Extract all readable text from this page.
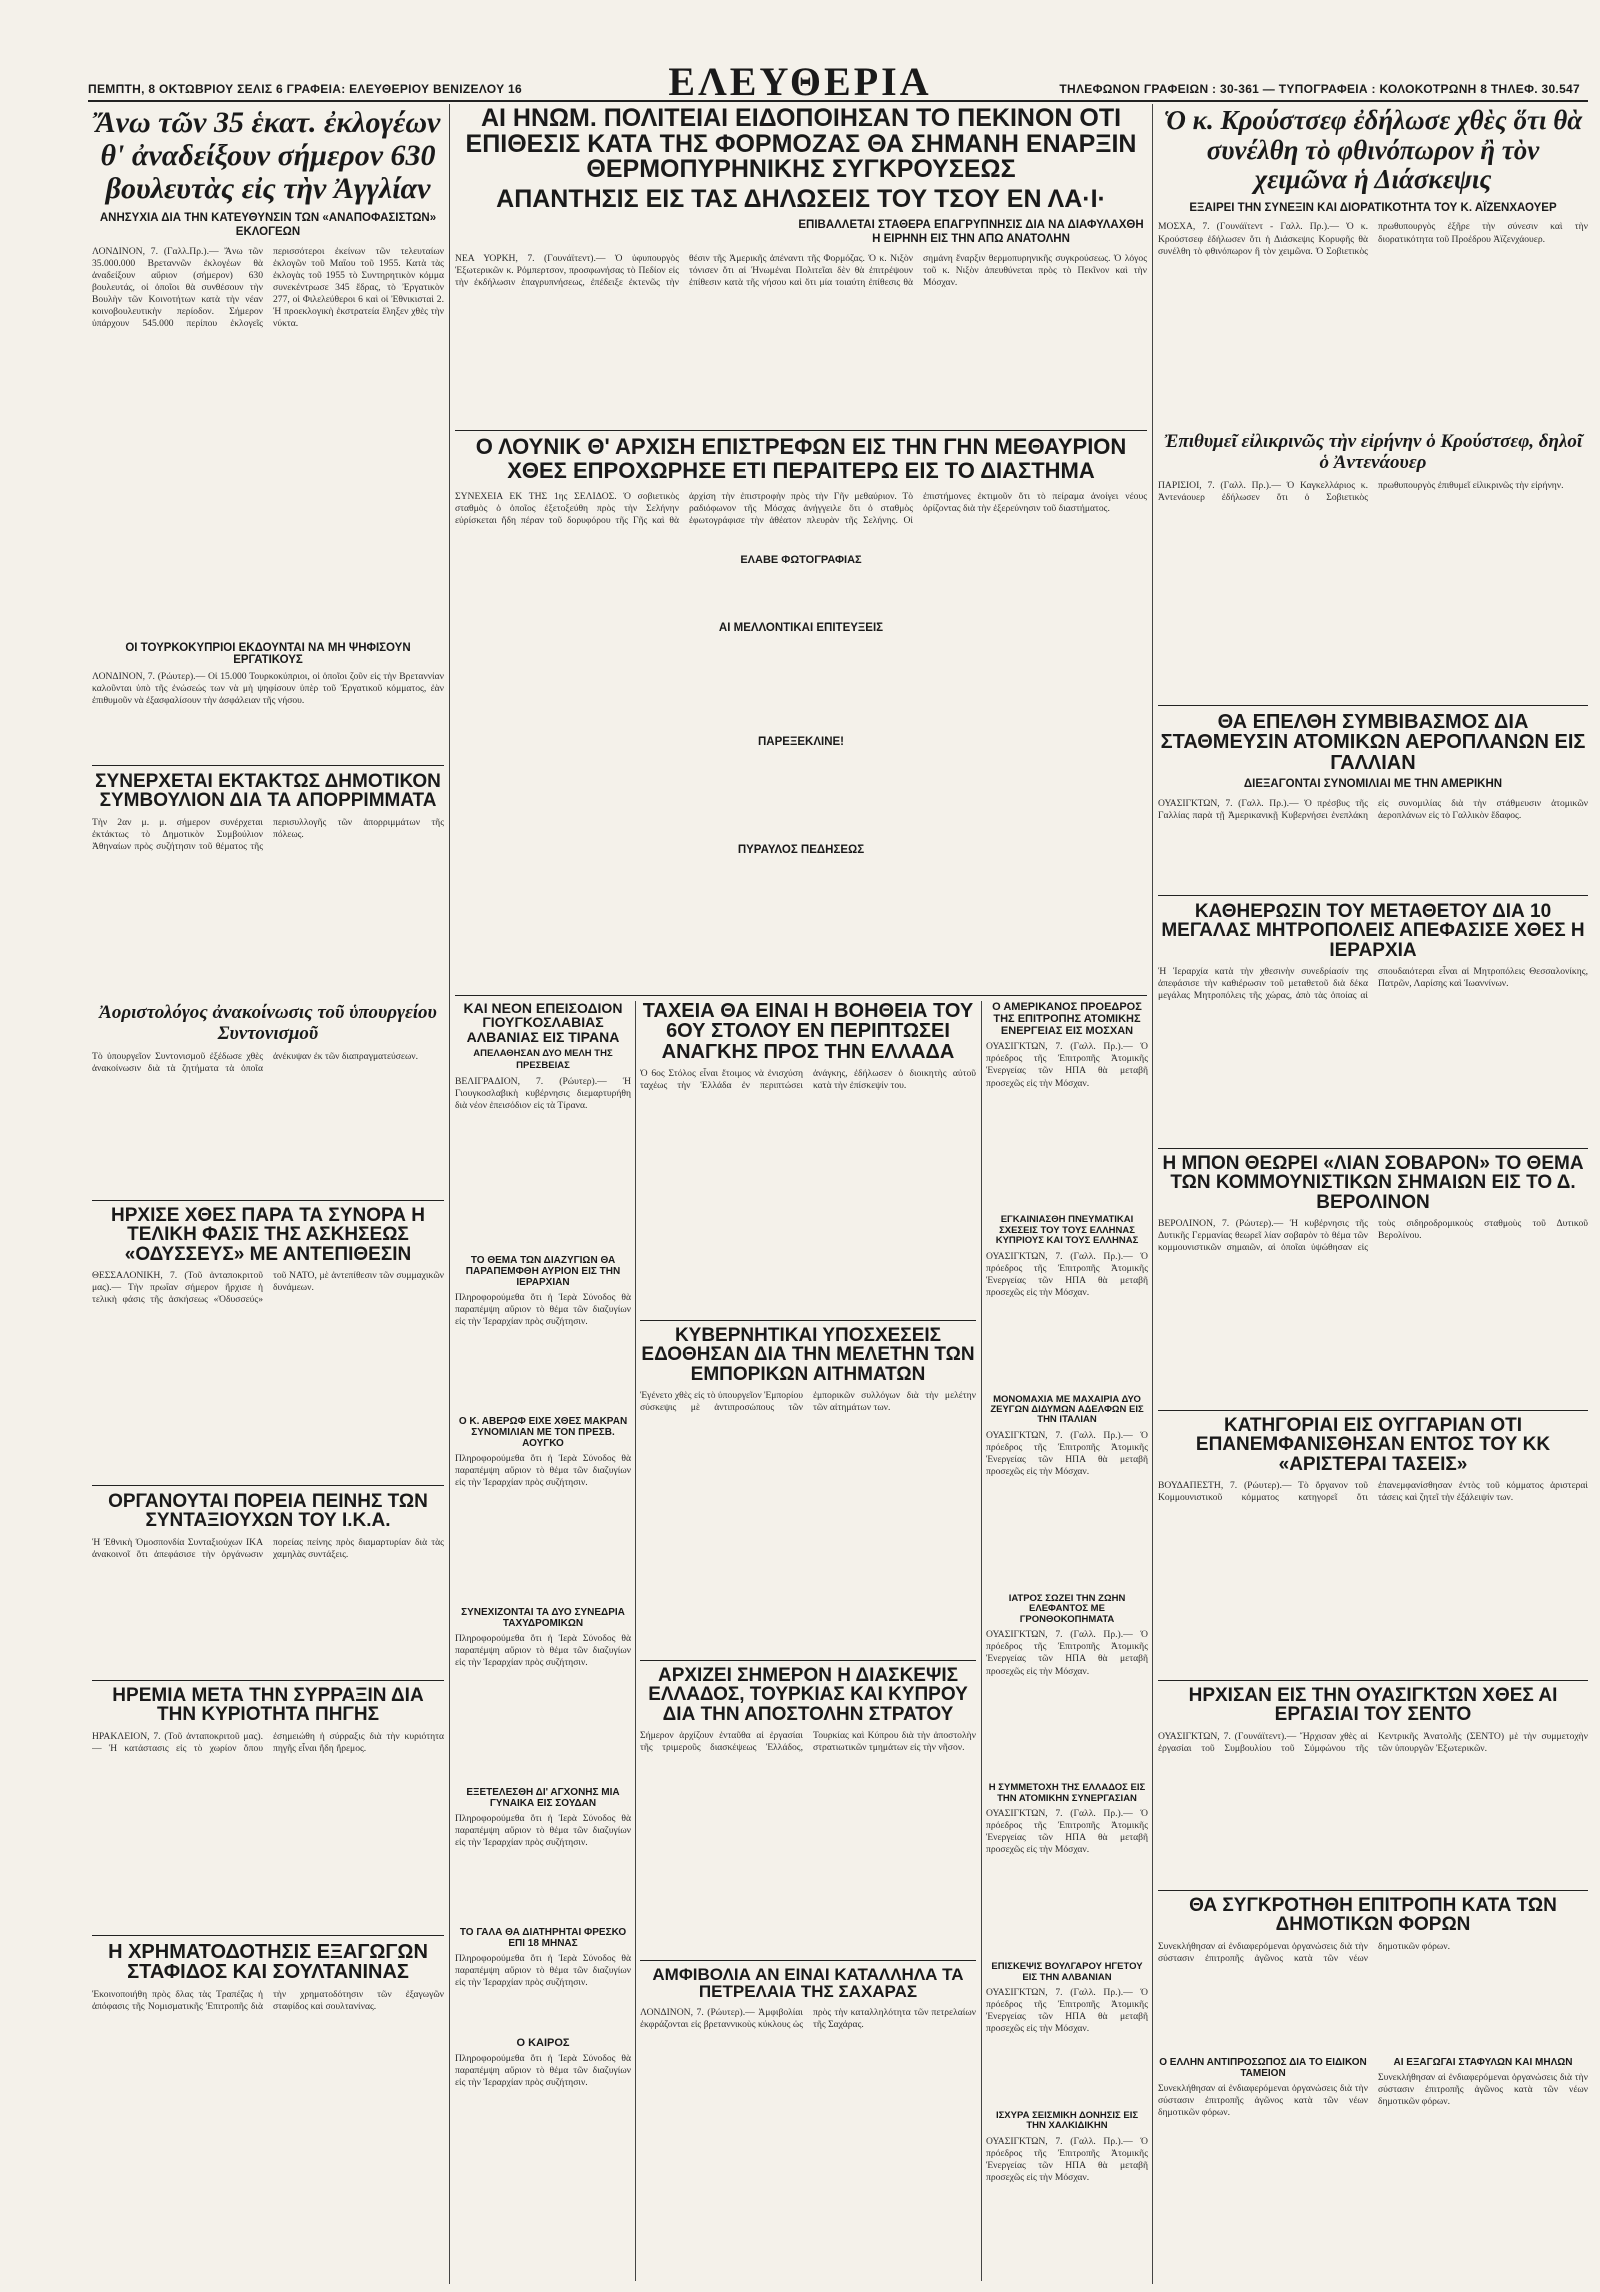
ΠΕΜΠΤΗ, 8 ΟΚΤΩΒΡΙΟΥ ΣΕΛΙΣ 6 ΓΡΑΦΕΙΑ: ΕΛΕΥΘΕΡΙΟΥ ΒΕΝΙΖΕΛΟΥ 16	ΕΛΕΥΘΕΡΙΑ	ΤΗΛΕΦΩΝΟΝ ΓΡΑΦΕΙΩΝ : 30-361 — ΤΥΠΟΓΡΑΦΕΙΑ : ΚΟΛΟΚΟΤΡΩΝΗ 8 ΤΗΛΕΦ. 30.547
Ἄνω τῶν 35 ἑκατ. ἐκλογέων θ' ἀναδείξουν σήμερον 630 βουλευτὰς εἰς τὴν Ἀγγλίαν
ΑΝΗΣΥΧΙΑ ΔΙΑ ΤΗΝ ΚΑΤΕΥΘΥΝΣΙΝ ΤΩΝ «ΑΝΑΠΟΦΑΣΙΣΤΩΝ» ΕΚΛΟΓΕΩΝ
ΛΟΝΔΙΝΟΝ, 7. (Γαλλ.Πρ.).— Ἄνω τῶν 35.000.000 Βρεταννῶν ἐκλογέων θὰ ἀναδείξουν αὔριον (σήμερον) 630 βουλευτάς, οἱ ὁποῖοι θὰ συνθέσουν τὴν Βουλὴν τῶν Κοινοτήτων κατὰ τὴν νέαν κοινοβουλευτικὴν περίοδον. Σήμερον ὑπάρχουν 545.000 περίπου ἐκλογεῖς περισσότεροι ἐκείνων τῶν τελευταίων ἐκλογῶν τοῦ Μαΐου τοῦ 1955. Κατὰ τὰς ἐκλογὰς τοῦ 1955 τὸ Συντηρητικὸν κόμμα συνεκέντρωσε 345 ἕδρας, τὸ Ἐργατικὸν 277, οἱ Φιλελεύθεροι 6 καὶ οἱ Ἐθνικισταὶ 2. Ἡ προεκλογικὴ ἐκστρατεία ἔληξεν χθὲς τὴν νύκτα.
ΟΙ ΤΟΥΡΚΟΚΥΠΡΙΟΙ ΕΚΔΟΥΝΤΑΙ ΝΑ ΜΗ ΨΗΦΙΣΟΥΝ ΕΡΓΑΤΙΚΟΥΣ
ΛΟΝΔΙΝΟΝ, 7. (Ρώυτερ).— Οἱ 15.000 Τουρκοκύπριοι, οἱ ὁποῖοι ζοῦν εἰς τὴν Βρεταννίαν καλοῦνται ὑπὸ τῆς ἐνώσεώς των νὰ μὴ ψηφίσουν ὑπὲρ τοῦ Ἐργατικοῦ κόμματος, ἐὰν ἐπιθυμοῦν νὰ ἐξασφαλίσουν τὴν ἀσφάλειαν τῆς νήσου.
ΣΥΝΕΡΧΕΤΑΙ ΕΚΤΑΚΤΩΣ ΔΗΜΟΤΙΚΟΝ ΣΥΜΒΟΥΛΙΟΝ ΔΙΑ ΤΑ ΑΠΟΡΡΙΜΜΑΤΑ
Τὴν 2αν μ. μ. σήμερον συνέρχεται ἐκτάκτως τὸ Δημοτικὸν Συμβούλιον Ἀθηναίων πρὸς συζήτησιν τοῦ θέματος τῆς περισυλλογῆς τῶν ἀπορριμμάτων τῆς πόλεως.
Ἀοριστολόγος ἀνακοίνωσις τοῦ ὑπουργείου Συντονισμοῦ
Τὸ ὑπουργεῖον Συντονισμοῦ ἐξέδωσε χθὲς ἀνακοίνωσιν διὰ τὰ ζητήματα τὰ ὁποῖα ἀνέκυψαν ἐκ τῶν διαπραγματεύσεων.
ΗΡΧΙΣΕ ΧΘΕΣ ΠΑΡΑ ΤΑ ΣΥΝΟΡΑ Η ΤΕΛΙΚΗ ΦΑΣΙΣ ΤΗΣ ΑΣΚΗΣΕΩΣ «ΟΔΥΣΣΕΥΣ» ΜΕ ΑΝΤΕΠΙΘΕΣΙΝ
ΘΕΣΣΑΛΟΝΙΚΗ, 7. (Τοῦ ἀνταποκριτοῦ μας).— Τὴν πρωΐαν σήμερον ἤρχισε ἡ τελικὴ φάσις τῆς ἀσκήσεως «Ὀδυσσεύς» τοῦ ΝΑΤΟ, μὲ ἀντεπίθεσιν τῶν συμμαχικῶν δυνάμεων.
ΟΡΓΑΝΟΥΤΑΙ ΠΟΡΕΙΑ ΠΕΙΝΗΣ ΤΩΝ ΣΥΝΤΑΞΙΟΥΧΩΝ ΤΟΥ Ι.Κ.Α.
Ἡ Ἐθνικὴ Ὁμοσπονδία Συνταξιούχων ΙΚΑ ἀνακοινοῖ ὅτι ἀπεφάσισε τὴν ὀργάνωσιν πορείας πείνης πρὸς διαμαρτυρίαν διὰ τὰς χαμηλὰς συντάξεις.
ΗΡΕΜΙΑ ΜΕΤΑ ΤΗΝ ΣΥΡΡΑΞΙΝ ΔΙΑ ΤΗΝ ΚΥΡΙΟΤΗΤΑ ΠΗΓΗΣ
ΗΡΑΚΛΕΙΟΝ, 7. (Τοῦ ἀνταποκριτοῦ μας).— Ἡ κατάστασις εἰς τὸ χωρίον ὅπου ἐσημειώθη ἡ σύρραξις διὰ τὴν κυριότητα πηγῆς εἶναι ἤδη ἤρεμος.
Η ΧΡΗΜΑΤΟΔΟΤΗΣΙΣ ΕΞΑΓΩΓΩΝ ΣΤΑΦΙΔΟΣ ΚΑΙ ΣΟΥΛΤΑΝΙΝΑΣ
Ἐκοινοποιήθη πρὸς δλας τὰς Τραπέζας ἡ ἀπόφασις τῆς Νομισματικῆς Ἐπιτροπῆς διὰ τὴν χρηματοδότησιν τῶν ἐξαγωγῶν σταφίδος καὶ σουλτανίνας.
ΑΙ ΗΝΩΜ. ΠΟΛΙΤΕΙΑΙ ΕΙΔΟΠΟΙΗΣΑΝ ΤΟ ΠΕΚΙΝΟΝ ΟΤΙ ΕΠΙΘΕΣΙΣ ΚΑΤΑ ΤΗΣ ΦΟΡΜΟΖΑΣ ΘΑ ΣΗΜΑΝΗ ΕΝΑΡΞΙΝ ΘΕΡΜΟΠΥΡΗΝΙΚΗΣ ΣΥΓΚΡΟΥΣΕΩΣ
ΑΠΑΝΤΗΣΙΣ ΕΙΣ ΤΑΣ ΔΗΛΩΣΕΙΣ ΤΟΥ ΤΣΟΥ ΕΝ ΛΑ·Ι·
ΕΠΙΒΑΛΛΕΤΑΙ ΣΤΑΘΕΡΑ ΕΠΑΓΡΥΠΝΗΣΙΣ ΔΙΑ ΝΑ ΔΙΑΦΥΛΑΧΘΗ Η ΕΙΡΗΝΗ ΕΙΣ ΤΗΝ ΑΠΩ ΑΝΑΤΟΛΗΝ
ΝΕΑ ΥΟΡΚΗ, 7. (Γουνάϊτεντ).— Ὁ ὑφυπουργὸς Ἐξωτερικῶν κ. Ρόμπερτσον, προσφωνήσας τὸ Πεδίον εἰς τὴν ἐκδήλωσιν ἐπαγρυπνήσεως, ἐπέδειξε ἐκτενῶς τὴν θέσιν τῆς Ἀμερικῆς ἀπέναντι τῆς Φορμόζας. Ὁ κ. Νιξὸν τόνισεν ὅτι αἱ Ἡνωμέναι Πολιτεῖαι δὲν θὰ ἐπιτρέψουν ἐπίθεσιν κατὰ τῆς νήσου καὶ ὅτι μία τοιαύτη ἐπίθεσις θὰ σημάνη ἔναρξιν θερμοπυρηνικῆς συγκρούσεως. Ὁ λόγος τοῦ κ. Νιξὸν ἀπευθύνεται πρὸς τὸ Πεκῖνον καὶ τὴν Μόσχαν.
Ο ΛΟΥΝΙΚ Θ' ΑΡΧΙΣΗ ΕΠΙΣΤΡΕΦΩΝ ΕΙΣ ΤΗΝ ΓΗΝ ΜΕΘΑΥΡΙΟΝ
ΧΘΕΣ ΕΠΡΟΧΩΡΗΣΕ ΕΤΙ ΠΕΡΑΙΤΕΡΩ ΕΙΣ ΤΟ ΔΙΑΣΤΗΜΑ
ΣΥΝΕΧΕΙΑ ΕΚ ΤΗΣ 1ης ΣΕΛΙΔΟΣ. Ὁ σοβιετικὸς σταθμὸς ὁ ὁποῖος ἐξετοξεύθη πρὸς τὴν Σελήνην εὑρίσκεται ἤδη πέραν τοῦ δορυφόρου τῆς Γῆς καὶ θὰ ἀρχίση τὴν ἐπιστροφὴν πρὸς τὴν Γῆν μεθαύριον. Τὸ ραδιόφωνον τῆς Μόσχας ἀνήγγειλε ὅτι ὁ σταθμὸς ἐφωτογράφισε τὴν ἀθέατον πλευρὰν τῆς Σελήνης. Οἱ ἐπιστήμονες ἐκτιμοῦν ὅτι τὸ πείραμα ἀνοίγει νέους ὁρίζοντας διὰ τὴν ἐξερεύνησιν τοῦ διαστήματος.
ΕΛΑΒΕ ΦΩΤΟΓΡΑΦΙΑΣ
ΑΙ ΜΕΛΛΟΝΤΙΚΑΙ ΕΠΙΤΕΥΞΕΙΣ
ΠΑΡΕΞΕΚΛΙΝΕ!
ΠΥΡΑΥΛΟΣ ΠΕΔΗΣΕΩΣ
ΚΑΙ ΝΕΟΝ ΕΠΕΙΣΟΔΙΟΝ ΓΙΟΥΓΚΟΣΛΑΒΙΑΣ ΑΛΒΑΝΙΑΣ ΕΙΣ ΤΙΡΑΝΑ
ΑΠΕΛΑΘΗΣΑΝ ΔΥΟ ΜΕΛΗ ΤΗΣ ΠΡΕΣΒΕΙΑΣ
ΒΕΛΙΓΡΑΔΙΟΝ, 7. (Ρώυτερ).— Ἡ Γιουγκοσλαβικὴ κυβέρνησις διεμαρτυρήθη διὰ νέον ἐπεισόδιον εἰς τὰ Τίρανα.
ΤΟ ΘΕΜΑ ΤΩΝ ΔΙΑΖΥΓΙΩΝ ΘΑ ΠΑΡΑΠΕΜΦΘΗ ΑΥΡΙΟΝ ΕΙΣ ΤΗΝ ΙΕΡΑΡΧΙΑΝ
Πληροφορούμεθα ὅτι ἡ Ἱερὰ Σύνοδος θὰ παραπέμψη αὔριον τὸ θέμα τῶν διαζυγίων εἰς τὴν Ἱεραρχίαν πρὸς συζήτησιν.
Ο Κ. ΑΒΕΡΩΦ ΕΙΧΕ ΧΘΕΣ ΜΑΚΡΑΝ ΣΥΝΟΜΙΛΙΑΝ ΜΕ ΤΟΝ ΠΡΕΣΒ. ΑΟΥΓΚΟ
Πληροφορούμεθα ὅτι ἡ Ἱερὰ Σύνοδος θὰ παραπέμψη αὔριον τὸ θέμα τῶν διαζυγίων εἰς τὴν Ἱεραρχίαν πρὸς συζήτησιν.
ΣΥΝΕΧΙΖΟΝΤΑΙ ΤΑ ΔΥΟ ΣΥΝΕΔΡΙΑ ΤΑΧΥΔΡΟΜΙΚΩΝ
Πληροφορούμεθα ὅτι ἡ Ἱερὰ Σύνοδος θὰ παραπέμψη αὔριον τὸ θέμα τῶν διαζυγίων εἰς τὴν Ἱεραρχίαν πρὸς συζήτησιν.
ΕΞΕΤΕΛΕΣΘΗ ΔΙ' ΑΓΧΟΝΗΣ ΜΙΑ ΓΥΝΑΙΚΑ ΕΙΣ ΣΟΥΔΑΝ
Πληροφορούμεθα ὅτι ἡ Ἱερὰ Σύνοδος θὰ παραπέμψη αὔριον τὸ θέμα τῶν διαζυγίων εἰς τὴν Ἱεραρχίαν πρὸς συζήτησιν.
ΤΟ ΓΑΛΑ ΘΑ ΔΙΑΤΗΡΗΤΑΙ ΦΡΕΣΚΟ ΕΠΙ 18 ΜΗΝΑΣ
Πληροφορούμεθα ὅτι ἡ Ἱερὰ Σύνοδος θὰ παραπέμψη αὔριον τὸ θέμα τῶν διαζυγίων εἰς τὴν Ἱεραρχίαν πρὸς συζήτησιν.
Ο ΚΑΙΡΟΣ
Πληροφορούμεθα ὅτι ἡ Ἱερὰ Σύνοδος θὰ παραπέμψη αὔριον τὸ θέμα τῶν διαζυγίων εἰς τὴν Ἱεραρχίαν πρὸς συζήτησιν.
ΤΑΧΕΙΑ ΘΑ ΕΙΝΑΙ Η ΒΟΗΘΕΙΑ ΤΟΥ 6ΟΥ ΣΤΟΛΟΥ ΕΝ ΠΕΡΙΠΤΩΣΕΙ ΑΝΑΓΚΗΣ ΠΡΟΣ ΤΗΝ ΕΛΛΑΔΑ
Ὁ 6ος Στόλος εἶναι ἕτοιμος νὰ ἐνισχύση ταχέως τὴν Ἑλλάδα ἐν περιπτώσει ἀνάγκης, ἐδήλωσεν ὁ διοικητὴς αὐτοῦ κατὰ τὴν ἐπίσκεψίν του.
ΚΥΒΕΡΝΗΤΙΚΑΙ ΥΠΟΣΧΕΣΕΙΣ ΕΔΟΘΗΣΑΝ ΔΙΑ ΤΗΝ ΜΕΛΕΤΗΝ ΤΩΝ ΕΜΠΟΡΙΚΩΝ ΑΙΤΗΜΑΤΩΝ
Ἐγένετο χθὲς εἰς τὸ ὑπουργεῖον Ἐμπορίου σύσκεψις μὲ ἀντιπροσώπους τῶν ἐμπορικῶν συλλόγων διὰ τὴν μελέτην τῶν αἰτημάτων των.
ΑΡΧΙΖΕΙ ΣΗΜΕΡΟΝ Η ΔΙΑΣΚΕΨΙΣ ΕΛΛΑΔΟΣ, ΤΟΥΡΚΙΑΣ ΚΑΙ ΚΥΠΡΟΥ ΔΙΑ ΤΗΝ ΑΠΟΣΤΟΛΗΝ ΣΤΡΑΤΟΥ
Σήμερον ἀρχίζουν ἐνταῦθα αἱ ἐργασίαι τῆς τριμεροῦς διασκέψεως Ἑλλάδος, Τουρκίας καὶ Κύπρου διὰ τὴν ἀποστολὴν στρατιωτικῶν τμημάτων εἰς τὴν νῆσον.
ΑΜΦΙΒΟΛΙΑ ΑΝ ΕΙΝΑΙ ΚΑΤΑΛΛΗΛΑ ΤΑ ΠΕΤΡΕΛΑΙΑ ΤΗΣ ΣΑΧΑΡΑΣ
ΛΟΝΔΙΝΟΝ, 7. (Ρώυτερ).— Ἀμφιβολίαι ἐκφράζονται εἰς βρεταννικοὺς κύκλους ὡς πρὸς τὴν καταλληλότητα τῶν πετρελαίων τῆς Σαχάρας.
Ο ΑΜΕΡΙΚΑΝΟΣ ΠΡΟΕΔΡΟΣ ΤΗΣ ΕΠΙΤΡΟΠΗΣ ΑΤΟΜΙΚΗΣ ΕΝΕΡΓΕΙΑΣ ΕΙΣ ΜΟΣΧΑΝ
ΟΥΑΣΙΓΚΤΩΝ, 7. (Γαλλ. Πρ.).— Ὁ πρόεδρος τῆς Ἐπιτροπῆς Ἀτομικῆς Ἐνεργείας τῶν ΗΠΑ θὰ μεταβῆ προσεχῶς εἰς τὴν Μόσχαν.
ΕΓΚΑΙΝΙΑΣΘΗ ΠΝΕΥΜΑΤΙΚΑΙ ΣΧΕΣΕΙΣ ΤΟΥ ΤΟΥΣ ΕΛΛΗΝΑΣ ΚΥΠΡΙΟΥΣ ΚΑΙ ΤΟΥΣ ΕΛΛΗΝΑΣ
ΟΥΑΣΙΓΚΤΩΝ, 7. (Γαλλ. Πρ.).— Ὁ πρόεδρος τῆς Ἐπιτροπῆς Ἀτομικῆς Ἐνεργείας τῶν ΗΠΑ θὰ μεταβῆ προσεχῶς εἰς τὴν Μόσχαν.
ΜΟΝΟΜΑΧΙΑ ΜΕ ΜΑΧΑΙΡΙΑ ΔΥΟ ΖΕΥΓΩΝ ΔΙΔΥΜΩΝ ΑΔΕΛΦΩΝ ΕΙΣ ΤΗΝ ΙΤΑΛΙΑΝ
ΟΥΑΣΙΓΚΤΩΝ, 7. (Γαλλ. Πρ.).— Ὁ πρόεδρος τῆς Ἐπιτροπῆς Ἀτομικῆς Ἐνεργείας τῶν ΗΠΑ θὰ μεταβῆ προσεχῶς εἰς τὴν Μόσχαν.
ΙΑΤΡΟΣ ΣΩΖΕΙ ΤΗΝ ΖΩΗΝ ΕΛΕΦΑΝΤΟΣ ΜΕ ΓΡΟΝΘΟΚΟΠΗΜΑΤΑ
ΟΥΑΣΙΓΚΤΩΝ, 7. (Γαλλ. Πρ.).— Ὁ πρόεδρος τῆς Ἐπιτροπῆς Ἀτομικῆς Ἐνεργείας τῶν ΗΠΑ θὰ μεταβῆ προσεχῶς εἰς τὴν Μόσχαν.
Η ΣΥΜΜΕΤΟΧΗ ΤΗΣ ΕΛΛΑΔΟΣ ΕΙΣ ΤΗΝ ΑΤΟΜΙΚΗΝ ΣΥΝΕΡΓΑΣΙΑΝ
ΟΥΑΣΙΓΚΤΩΝ, 7. (Γαλλ. Πρ.).— Ὁ πρόεδρος τῆς Ἐπιτροπῆς Ἀτομικῆς Ἐνεργείας τῶν ΗΠΑ θὰ μεταβῆ προσεχῶς εἰς τὴν Μόσχαν.
ΕΠΙΣΚΕΨΙΣ ΒΟΥΛΓΑΡΟΥ ΗΓΕΤΟΥ ΕΙΣ ΤΗΝ ΑΛΒΑΝΙΑΝ
ΟΥΑΣΙΓΚΤΩΝ, 7. (Γαλλ. Πρ.).— Ὁ πρόεδρος τῆς Ἐπιτροπῆς Ἀτομικῆς Ἐνεργείας τῶν ΗΠΑ θὰ μεταβῆ προσεχῶς εἰς τὴν Μόσχαν.
ΙΣΧΥΡΑ ΣΕΙΣΜΙΚΗ ΔΟΝΗΣΙΣ ΕΙΣ ΤΗΝ ΧΑΛΚΙΔΙΚΗΝ
ΟΥΑΣΙΓΚΤΩΝ, 7. (Γαλλ. Πρ.).— Ὁ πρόεδρος τῆς Ἐπιτροπῆς Ἀτομικῆς Ἐνεργείας τῶν ΗΠΑ θὰ μεταβῆ προσεχῶς εἰς τὴν Μόσχαν.
Ὁ κ. Κρούστσεφ ἐδήλωσε χθὲς ὅτι θὰ συνέλθη τὸ φθινόπωρον ἢ τὸν χειμῶνα ἡ Διάσκεψις
ΕΞΑΙΡΕΙ ΤΗΝ ΣΥΝΕΞΙΝ ΚΑΙ ΔΙΟΡΑΤΙΚΟΤΗΤΑ ΤΟΥ Κ. ΑΪΖΕΝΧΑΟΥΕΡ
ΜΟΣΧΑ, 7. (Γουνάϊτεντ - Γαλλ. Πρ.).— Ὁ κ. Κρούστσεφ ἐδήλωσεν ὅτι ἡ Διάσκεψις Κορυφῆς θὰ συνέλθη τὸ φθινόπωρον ἢ τὸν χειμῶνα. Ὁ Σοβιετικὸς πρωθυπουργὸς ἐξῆρε τὴν σύνεσιν καὶ τὴν διορατικότητα τοῦ Προέδρου Ἀϊζενχάουερ.
Ἐπιθυμεῖ εἰλικρινῶς τὴν εἰρήνην ὁ Κρούστσεφ, δηλοῖ ὁ Ἀντενάουερ
ΠΑΡΙΣΙΟΙ, 7. (Γαλλ. Πρ.).— Ὁ Καγκελλάριος κ. Ἀντενάουερ ἐδήλωσεν ὅτι ὁ Σοβιετικὸς πρωθυπουργὸς ἐπιθυμεῖ εἰλικρινῶς τὴν εἰρήνην.
ΘΑ ΕΠΕΛΘΗ ΣΥΜΒΙΒΑΣΜΟΣ ΔΙΑ ΣΤΑΘΜΕΥΣΙΝ ΑΤΟΜΙΚΩΝ ΑΕΡΟΠΛΑΝΩΝ ΕΙΣ ΓΑΛΛΙΑΝ
ΔΙΕΞΑΓΟΝΤΑΙ ΣΥΝΟΜΙΛΙΑΙ ΜΕ ΤΗΝ ΑΜΕΡΙΚΗΝ
ΟΥΑΣΙΓΚΤΩΝ, 7. (Γαλλ. Πρ.).— Ὁ πρέσβυς τῆς Γαλλίας παρὰ τῇ Ἀμερικανικῇ Κυβερνήσει ἐνεπλάκη εἰς συνομιλίας διὰ τὴν στάθμευσιν ἀτομικῶν ἀεροπλάνων εἰς τὸ Γαλλικὸν ἔδαφος.
ΚΑΘΗΕΡΩΣΙΝ ΤΟΥ ΜΕΤΑΘΕΤΟΥ ΔΙΑ 10 ΜΕΓΑΛΑΣ ΜΗΤΡΟΠΟΛΕΙΣ ΑΠΕΦΑΣΙΣΕ ΧΘΕΣ Η ΙΕΡΑΡΧΙΑ
Ἡ Ἱεραρχία κατὰ τὴν χθεσινὴν συνεδρίασίν της ἀπεφάσισε τὴν καθιέρωσιν τοῦ μεταθετοῦ διὰ δέκα μεγάλας Μητροπόλεις τῆς χώρας, ἀπὸ τὰς ὁποίας αἱ σπουδαιότεραι εἶναι αἱ Μητροπόλεις Θεσσαλονίκης, Πατρῶν, Λαρίσης καὶ Ἰωαννίνων.
Η ΜΠΟΝ ΘΕΩΡΕΙ «ΛΙΑΝ ΣΟΒΑΡΟΝ» ΤΟ ΘΕΜΑ ΤΩΝ ΚΟΜΜΟΥΝΙΣΤΙΚΩΝ ΣΗΜΑΙΩΝ ΕΙΣ ΤΟ Δ. ΒΕΡΟΛΙΝΟΝ
ΒΕΡΟΛΙΝΟΝ, 7. (Ρώυτερ).— Ἡ κυβέρνησις τῆς Δυτικῆς Γερμανίας θεωρεῖ λίαν σοβαρὸν τὸ θέμα τῶν κομμουνιστικῶν σημαιῶν, αἱ ὁποῖαι ὑψώθησαν εἰς τοὺς σιδηροδρομικοὺς σταθμοὺς τοῦ Δυτικοῦ Βερολίνου.
ΚΑΤΗΓΟΡΙΑΙ ΕΙΣ ΟΥΓΓΑΡΙΑΝ ΟΤΙ ΕΠΑΝΕΜΦΑΝΙΣΘΗΣΑΝ ΕΝΤΟΣ ΤΟΥ ΚΚ «ΑΡΙΣΤΕΡΑΙ ΤΑΣΕΙΣ»
ΒΟΥΔΑΠΕΣΤΗ, 7. (Ρώυτερ).— Τὸ ὄργανον τοῦ Κομμουνιστικοῦ κόμματος κατηγορεῖ ὅτι ἐπανεμφανίσθησαν ἐντὸς τοῦ κόμματος ἀριστεραὶ τάσεις καὶ ζητεῖ τὴν ἐξάλειψίν των.
ΗΡΧΙΣΑΝ ΕΙΣ ΤΗΝ ΟΥΑΣΙΓΚΤΩΝ ΧΘΕΣ ΑΙ ΕΡΓΑΣΙΑΙ ΤΟΥ ΣΕΝΤΟ
ΟΥΑΣΙΓΚΤΩΝ, 7. (Γουνάϊτεντ).— Ἤρχισαν χθὲς αἱ ἐργασίαι τοῦ Συμβουλίου τοῦ Σύμφώνου τῆς Κεντρικῆς Ἀνατολῆς (ΣΕΝΤΟ) μὲ τὴν συμμετοχὴν τῶν ὑπουργῶν Ἐξωτερικῶν.
ΘΑ ΣΥΓΚΡΟΤΗΘΗ ΕΠΙΤΡΟΠΗ ΚΑΤΑ ΤΩΝ ΔΗΜΟΤΙΚΩΝ ΦΟΡΩΝ
Συνεκλήθησαν αἱ ἐνδιαφερόμεναι ὀργανώσεις διὰ τὴν σύστασιν ἐπιτροπῆς ἀγῶνος κατὰ τῶν νέων δημοτικῶν φόρων.
Ο ΕΛΛΗΝ ΑΝΤΙΠΡΟΣΩΠΟΣ ΔΙΑ ΤΟ ΕΙΔΙΚΟΝ ΤΑΜΕΙΟΝ
Συνεκλήθησαν αἱ ἐνδιαφερόμεναι ὀργανώσεις διὰ τὴν σύστασιν ἐπιτροπῆς ἀγῶνος κατὰ τῶν νέων δημοτικῶν φόρων.
ΑΙ ΕΞΑΓΩΓΑΙ ΣΤΑΦΥΛΩΝ ΚΑΙ ΜΗΛΩΝ
Συνεκλήθησαν αἱ ἐνδιαφερόμεναι ὀργανώσεις διὰ τὴν σύστασιν ἐπιτροπῆς ἀγῶνος κατὰ τῶν νέων δημοτικῶν φόρων.
